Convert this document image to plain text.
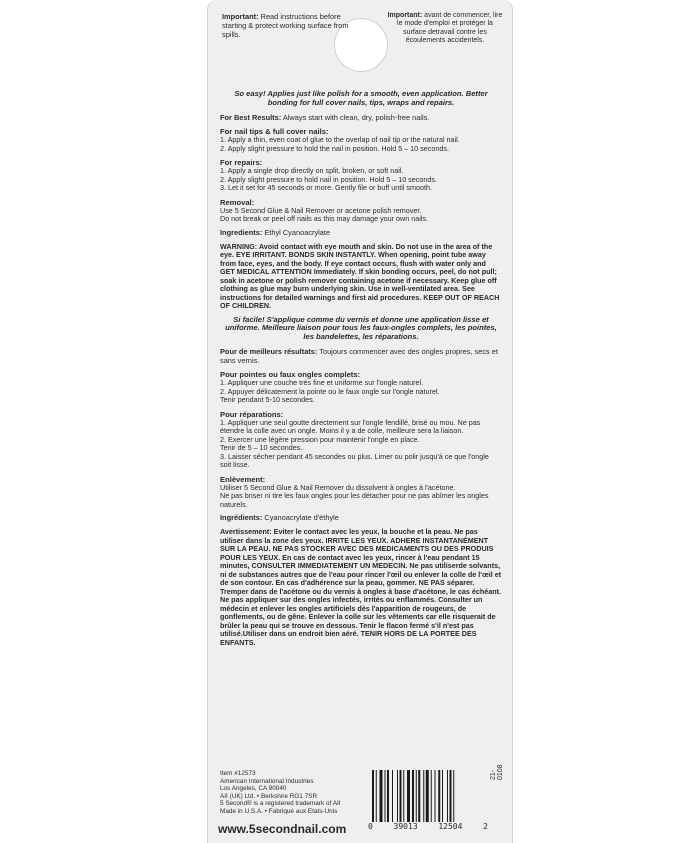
Important: Read instructions before starting & protect working surface from spills.
Important: avant de commencer, lire le mode d'emploi et protéger la surface detravail contre les écoulements accidentels.
So easy! Applies just like polish for a smooth, even application. Better bonding for full cover nails, tips, wraps and repairs.

For Best Results: Always start with clean, dry, polish-free nails.

For nail tips & full cover nails:

1. Apply a thin, even coat of glue to the overlap of nail tip or the natural nail.

2. Apply slight pressure to hold the nail in position. Hold 5 – 10 seconds.

For repairs:

1. Apply a single drop directly on split, broken, or soft nail.

2. Apply slight pressure to hold nail in position. Hold 5 – 10 seconds.

3. Let it set for 45 seconds or more. Gently file or buff until smooth.

Removal:

Use 5 Second Glue & Nail Remover or acetone polish remover.

Do not break or peel off nails as this may damage your own nails.

Ingredients: Ethyl Cyanoacrylate

WARNING: Avoid contact with eye mouth and skin. Do not use in the area of the eye. EYE IRRITANT. BONDS SKIN INSTANTLY. When opening, point tube away from face, eyes, and the body. If eye contact occurs, flush with water only and GET MEDICAL ATTENTION Immediately. If skin bonding occurs, peel, do not pull; soak in acetone or polish remover containing acetone if necessary. Keep glue off clothing as glue may burn underlying skin. Use in well-ventilated area. See instructions for detailed warnings and first aid procedures. KEEP OUT OF REACH OF CHILDREN.

Si facile! S'applique comme du vernis et donne une application lisse et uniforme. Meilleure liaison pour tous les faux-ongles complets, les pointes, les bandelettes, les réparations.

Pour de meilleurs résultats: Toujours commencer avec des ongles propres, secs et sans vernis.

Pour pointes ou faux ongles complets:

1. Appliquer une couche très fine et uniforme sur l'ongle naturel.

2. Appuyer délicatement la pointe ou le faux ongle sur l'ongle naturel.

Tenir pendant 5-10 secondes.

Pour réparations:

1. Appliquer une seul goutte directement sur l'ongle fendillé, brisé ou mou. Ne pas étendre la colle avec un ongle. Moins il y a de colle, meilleure sera la liaison.

2. Exercer une légère pression pour maintenir l'ongle en place.

Tenir de 5 – 10 secondes.

3. Laisser sécher pendant 45 secondes ou plus. Limer ou polir jusqu'à ce que l'ongle soit lisse.

Enlèvement:

Utiliser 5 Second Glue & Nail Remover du dissolvent à ongles à l'acétone.

Ne pas briser ni tire les faux ongles pour les détacher pour ne pas abîmer les ongles naturels.

Ingrédients: Cyanoacrylate d'éthyle

Avertissement: Eviter le contact avec les yeux, la bouche et la peau. Ne pas utiliser dans la zone des yeux. IRRITE LES YEUX. ADHERE INSTANTANÉMENT SUR LA PEAU. NE PAS STOCKER AVEC DES MEDICAMENTS OU DES PRODUIS POUR LES YEUX. En cas de contact avec les yeux, rincer à l'eau pendant 15 minutes, CONSULTER IMMEDIATEMENT UN MEDECIN. Ne pas utiliserde solvants, ni de substances autres que de l'eau pour rincer l'œil ou enlever la colle de l'œil et de son contour. En cas d'adhérence sur la peau, gommer. NE PAS séparer. Tremper dans de l'acétone ou du vernis à ongles à base d'acétone, le cas échéant. Ne pas appliquer sur des ongles infectés, irrités ou enflammés. Consulter un médecin et enlever les ongles artificiels dès l'apparition de rougeurs, de gonflements, ou de gêne. Enlever la colle sur les vêtements car elle risquerait de brûler la peau qui se trouve en dessous. Tenir le flacon fermé s'il n'est pas utilisé.Utiliser dans un endroit bien aéré. TENIR HORS DE LA PORTEE DES ENFANTS.

Item #12573
American International Industries
Los Angeles, CA 90040
AII (UK) Ltd. • Berkshire RG1 7SR
5 Second® is a registered trademark of AII
Made in U.S.A. • Fabriqué aux Etats-Unis
www.5secondnail.com	0	39013	12504	2
21-0108
